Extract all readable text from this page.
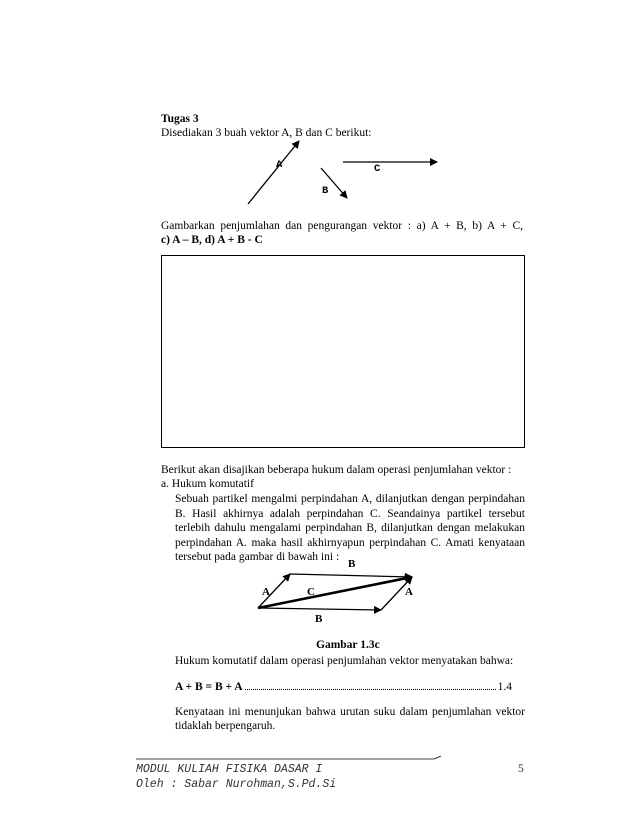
Tugas 3
Disediakan 3 buah vektor A, B dan C berikut:
A	C
B
Gambarkan penjumlahan dan pengurangan vektor : a) A + B, b) A + C,
c) A – B, d) A + B - C
Berikut akan disajikan beberapa hukum dalam operasi penjumlahan vektor :
a. Hukum komutatif
Sebuah partikel mengalmi perpindahan A, dilanjutkan dengan perpindahan
B. Hasil akhirnya adalah perpindahan C. Seandainya partikel tersebut
terlebih dahulu mengalami perpindahan B, dilanjutkan dengan melakukan
perpindahan A. maka hasil akhirnyapun perpindahan C. Amati kenyataan
tersebut pada gambar di bawah ini :
B
A	C	A
B
Gambar 1.3c
Hukum komutatif dalam operasi penjumlahan vektor menyatakan bahwa:
A + B = B + A	1.4
Kenyataan ini menunjukan bahwa urutan suku dalam penjumlahan vektor
tidaklah berpengaruh.
MODUL KULIAH FISIKA DASAR I
Oleh : Sabar Nurohman,S.Pd.Si
5
